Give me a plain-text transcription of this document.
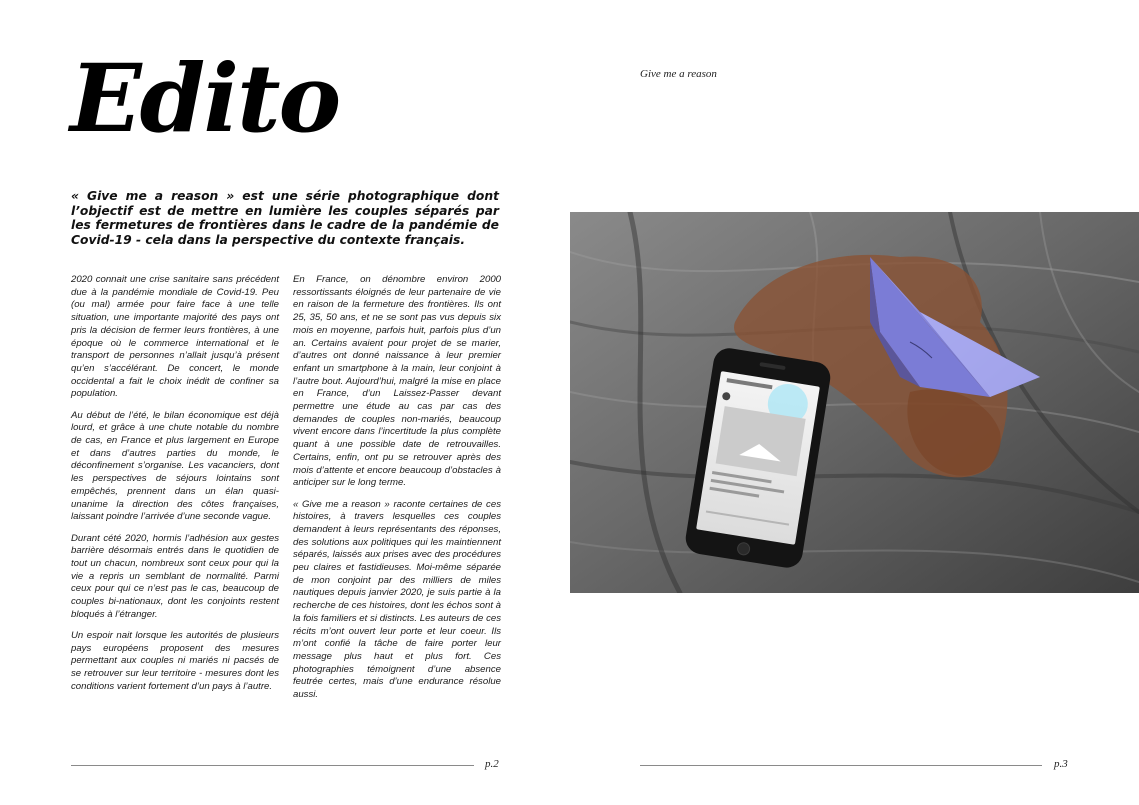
Edito

« Give me a reason » est une série photographique dont l’objectif est de mettre en lumière les couples séparés par les fermetures de frontières dans le cadre de la pandémie de Covid-19 - cela dans la perspective du contexte français.

2020 connait une crise sanitaire sans précédent due à la pandémie mondiale de Covid-19. Peu (ou mal) armée pour faire face à une telle situation, une importante majorité des pays ont pris la décision de fermer leurs frontières, à une époque où le commerce international et le transport de personnes n’allait jusqu’à présent qu’en s’accélérant. De concert, le monde occidental a fait le choix inédit de confiner sa population.

Au début de l’été, le bilan économique est déjà lourd, et grâce à une chute notable du nombre de cas, en France et plus largement en Europe et dans d’autres parties du monde, le déconfinement s’organise. Les vacanciers, dont les perspectives de séjours lointains sont empêchés, prennent dans un élan quasi-unanime la direction des côtes françaises, laissant poindre l’arrivée d’une seconde vague.

Durant cété 2020, hormis l’adhésion aux gestes barrière désormais entrés dans le quotidien de tout un chacun, nombreux sont ceux pour qui la vie a repris un semblant de normalité. Parmi ceux pour qui ce n’est pas le cas, beaucoup de couples bi-nationaux, dont les conjoints restent bloqués à l’étranger.

Un espoir nait lorsque les autorités de plusieurs pays européens proposent des mesures permettant aux couples ni mariés ni pacsés de se retrouver sur leur territoire - mesures dont les conditions varient fortement d’un pays à l’autre.

En France, on dénombre environ 2000 ressortissants éloignés de leur partenaire de vie en raison de la fermeture des frontières. Ils ont 25, 35, 50 ans, et ne se sont pas vus depuis six mois en moyenne, parfois huit, parfois plus d’un an. Certains avaient pour projet de se marier, d’autres ont donné naissance à leur premier enfant un smartphone à la main, leur conjoint à l’autre bout. Aujourd’hui, malgré la mise en place en France, d’un Laissez-Passer devant permettre une étude au cas par cas des demandes de couples non-mariés, beaucoup vivent encore dans l’incertitude la plus complète quant à une possible date de retrouvailles. Certains, enfin, ont pu se retrouver après des mois d’attente et encore beaucoup d’obstacles à anticiper sur le long terme.

« Give me a reason » raconte certaines de ces histoires, à travers lesquelles ces couples demandent à leurs représentants des réponses, des solutions aux politiques qui les maintiennent séparés, laissés aux prises avec des procédures peu claires et fastidieuses. Moi-même séparée de mon conjoint par des milliers de miles nautiques depuis janvier 2020, je suis partie à la recherche de ces histoires, dont les échos sont à la fois familiers et si distincts. Les auteurs de ces récits m’ont ouvert leur porte et leur coeur. Ils m’ont confié la tâche de faire porter leur message plus haut et plus fort. Ces photographies témoignent d’une absence feutrée certes, mais d’une endurance résolue aussi.

Give me a reason

p.2	p.3
